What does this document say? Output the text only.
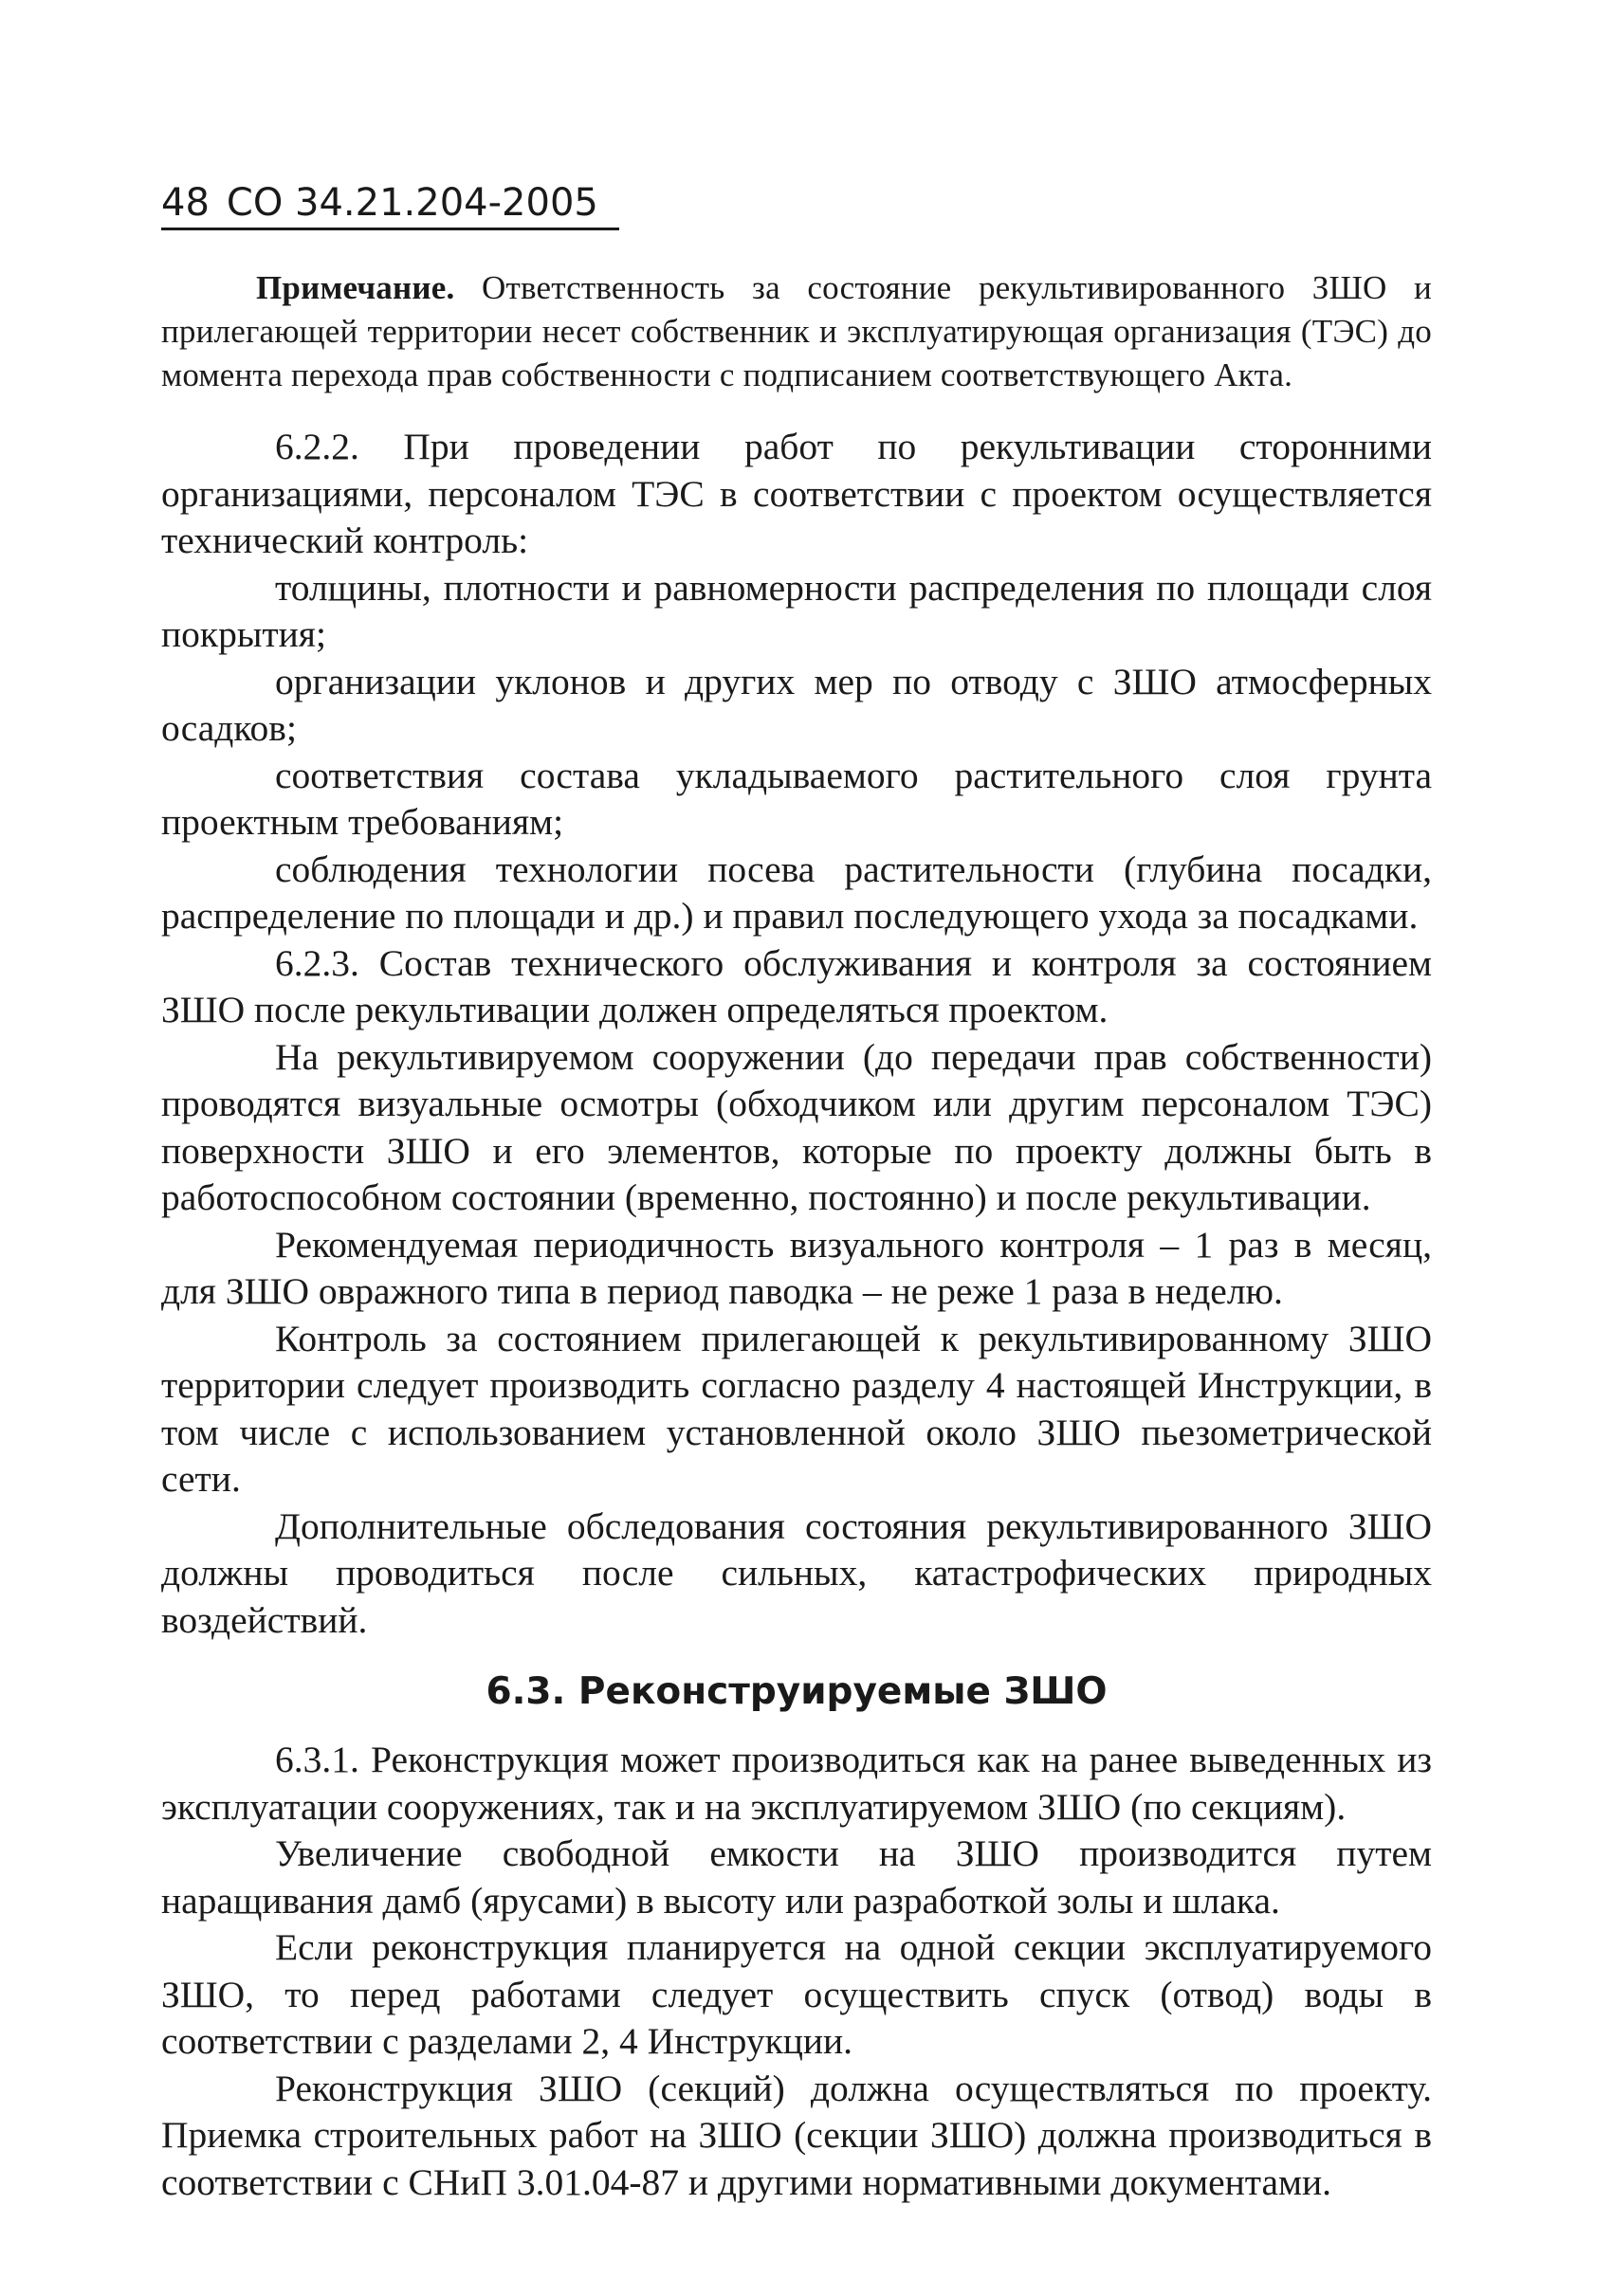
48 СО 34.21.204-2005
Примечание. Ответственность за состояние рекультивированного ЗШО и прилегающей территории несет собственник и эксплуатирующая организация (ТЭС) до момента перехода прав собственности с подписанием соответствующего Акта.

6.2.2. При проведении работ по рекультивации сторонними организациями, персоналом ТЭС в соответствии с проектом осуществляется технический контроль:

толщины, плотности и равномерности распределения по площади слоя покрытия;

организации уклонов и других мер по отводу с ЗШО атмосферных осадков;

соответствия состава укладываемого растительного слоя грунта проектным требованиям;

соблюдения технологии посева растительности (глубина посадки, распределение по площади и др.) и правил последующего ухода за посадками.

6.2.3. Состав технического обслуживания и контроля за состоянием ЗШО после рекультивации должен определяться проектом.

На рекультивируемом сооружении (до передачи прав собственности) проводятся визуальные осмотры (обходчиком или другим персоналом ТЭС) поверхности ЗШО и его элементов, которые по проекту должны быть в работоспособном состоянии (временно, постоянно) и после рекультивации.

Рекомендуемая периодичность визуального контроля – 1 раз в месяц, для ЗШО овражного типа в период паводка – не реже 1 раза в неделю.

Контроль за состоянием прилегающей к рекультивированному ЗШО территории следует производить согласно разделу 4 настоящей Инструкции, в том числе с использованием установленной около ЗШО пьезометрической сети.

Дополнительные обследования состояния рекультивированного ЗШО должны проводиться после сильных, катастрофических природных воздействий.

6.3. Реконструируемые ЗШО

6.3.1. Реконструкция может производиться как на ранее выведенных из эксплуатации сооружениях, так и на эксплуатируемом ЗШО (по секциям).

Увеличение свободной емкости на ЗШО производится путем наращивания дамб (ярусами) в высоту или разработкой золы и шлака.

Если реконструкция планируется на одной секции эксплуатируемого ЗШО, то перед работами следует осуществить спуск (отвод) воды в соответствии с разделами 2, 4 Инструкции.

Реконструкция ЗШО (секций) должна осуществляться по проекту. Приемка строительных работ на ЗШО (секции ЗШО) должна производиться в соответствии с СНиП 3.01.04-87 и другими нормативными документами.
